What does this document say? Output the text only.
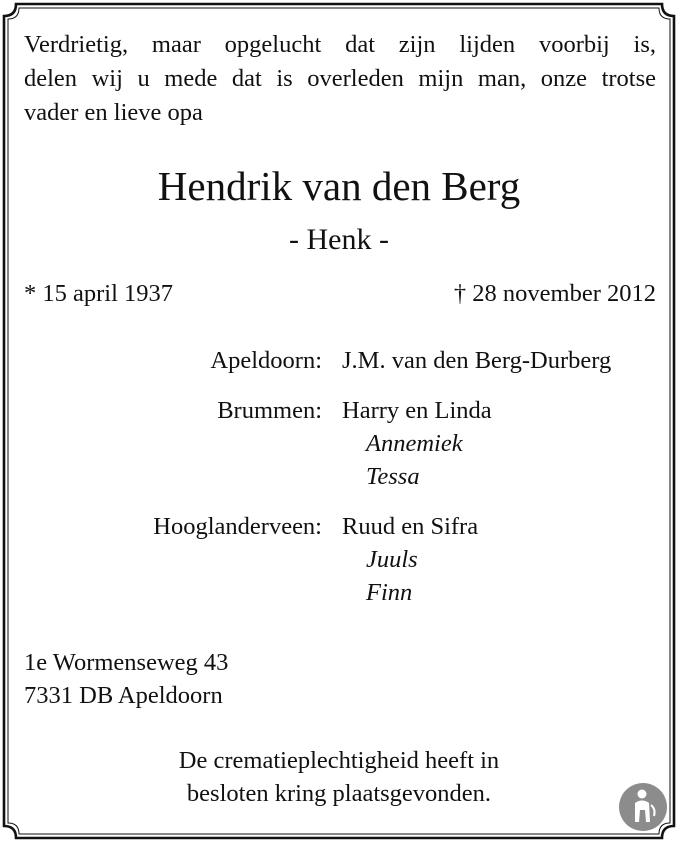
Verdrietig, maar opgelucht dat zijn lijden voorbij is,
delen wij u mede dat is overleden mijn man, onze trotse
vader en lieve opa
Hendrik van den Berg
- Henk -
* 15 april 1937	† 28 november 2012
Apeldoorn: J.M. van den Berg-Durberg
Brummen: Harry en Linda
Annemiek
Tessa
Hooglanderveen: Ruud en Sifra
Juuls
Finn
1e Wormenseweg 43
7331 DB Apeldoorn
De crematieplechtigheid heeft in
besloten kring plaatsgevonden.
